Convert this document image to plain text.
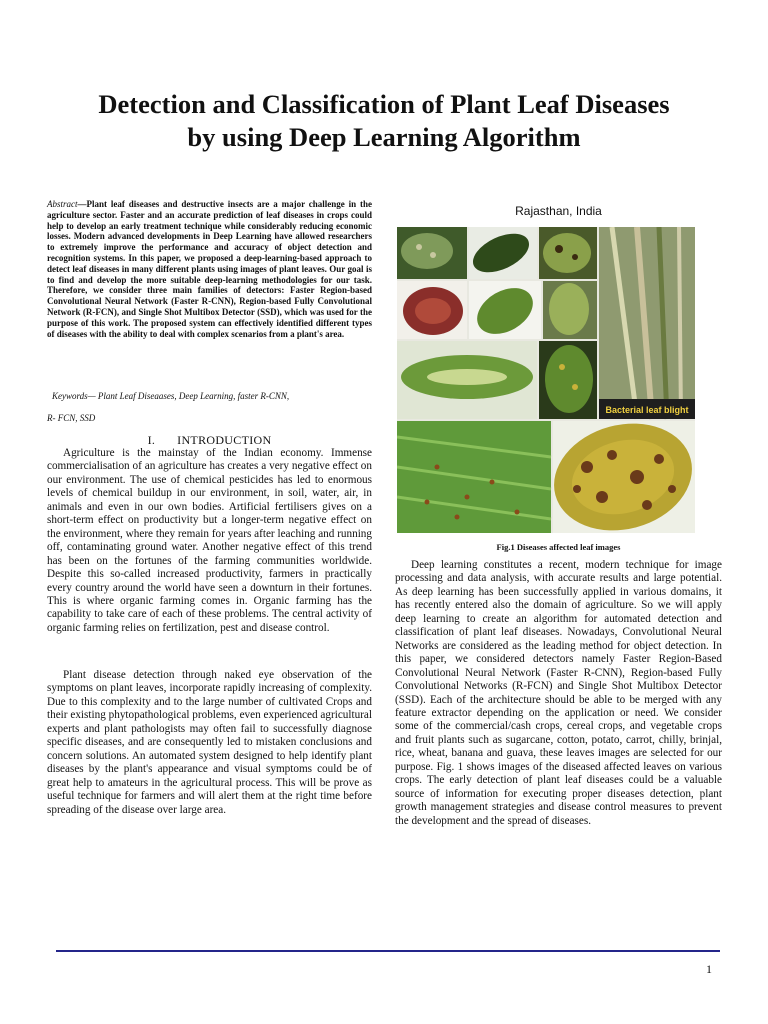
Detection and Classification of Plant Leaf Diseases
by using Deep Learning Algorithm
Abstract—Plant leaf diseases and destructive insects are a major challenge in the agriculture sector. Faster and an accurate prediction of leaf diseases in crops could help to develop an early treatment technique while considerably reducing economic losses. Modern advanced developments in Deep Learning have allowed researchers to extremely improve the performance and accuracy of object detection and recognition systems. In this paper, we proposed a deep-learning-based approach to detect leaf diseases in many different plants using images of plant leaves. Our goal is to find and develop the more suitable deep-learning methodologies for our task. Therefore, we consider three main families of detectors: Faster Region-based Convolutional Neural Network (Faster R-CNN), Region-based Fully Convolutional Network (R-FCN), and Single Shot Multibox Detector (SSD), which was used for the purpose of this work. The proposed system can effectively identified different types of diseases with the ability to deal with complex scenarios from a plant's area.
Keywords— Plant Leaf Diseaases, Deep Learning, faster R-CNN,
R- FCN, SSD
I. INTRODUCTION

Agriculture is the mainstay of the Indian economy. Immense commercialisation of an agriculture has creates a very negative effect on our environment. The use of chemical pesticides has led to enormous levels of chemical buildup in our environment, in soil, water, air, in animals and even in our own bodies. Artificial fertilisers gives on a short-term effect on productivity but a longer-term negative effect on the environment, where they remain for years after leaching and running off, contaminating ground water. Another negative effect of this trend has been on the fortunes of the farming communities worldwide. Despite this so-called increased productivity, farmers in practically every country around the world have seen a downturn in their fortunes. This is where organic farming comes in. Organic farming has the capability to take care of each of these problems. The central activity of organic farming relies on fertilization, pest and disease control.

Plant disease detection through naked eye observation of the symptoms on plant leaves, incorporate rapidly increasing of complexity. Due to this complexity and to the large number of cultivated Crops and their existing phytopathological problems, even experienced agricultural experts and plant pathologists may often fail to successfully diagnose specific diseases, and are consequently led to mistaken conclusions and concern solutions. An automated system designed to help identify plant diseases by the plant's appearance and visual symptoms could be of great help to amateurs in the agricultural process. This will be prove as useful technique for farmers and will alert them at the right time before spreading of the disease over large area.

Rajasthan, India
Bacterial leaf blight
Fig.1 Diseases affected leaf images

Deep learning constitutes a recent, modern technique for image processing and data analysis, with accurate results and large potential. As deep learning has been successfully applied in various domains, it has recently entered also the domain of agriculture. So we will apply deep learning to create an algorithm for automated detection and classification of plant leaf diseases. Nowadays, Convolutional Neural Networks are considered as the leading method for object detection. In this paper, we considered detectors namely Faster Region-Based Convolutional Neural Network (Faster R-CNN), Region-based Fully Convolutional Networks (R-FCN) and Single Shot Multibox Detector (SSD). Each of the architecture should be able to be merged with any feature extractor depending on the application or need. We consider some of the commercial/cash crops, cereal crops, and vegetable crops and fruit plants such as sugarcane, cotton, potato, carrot, chilly, brinjal, rice, wheat, banana and guava, these leaves images are selected for our purpose. Fig. 1 shows images of the diseased affected leaves on various crops. The early detection of plant leaf diseases could be a valuable source of information for executing proper diseases detection, plant growth management strategies and disease control measures to prevent the development and the spread of diseases.

1
